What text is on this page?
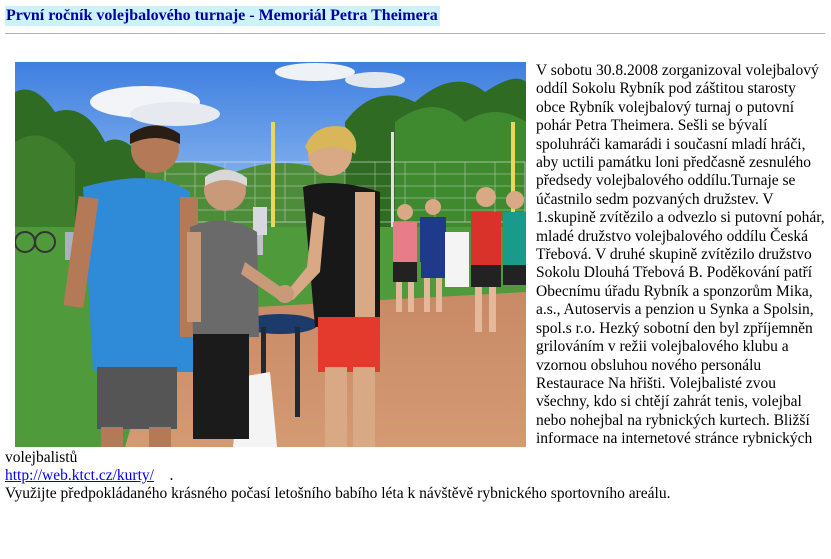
První ročník volejbalového turnaje - Memoriál Petra Theimera

V sobotu 30.8.2008 zorganizoval volejbalový oddíl Sokolu Rybník pod záštitou starosty obce Rybník volejbalový turnaj o putovní pohár Petra Theimera. Sešli se bývalí spoluhráči kamarádi i současní mladí hráči, aby uctili památku loni předčasně zesnulého předsedy volejbalového oddílu.Turnaje se účastnilo sedm pozvaných družstev. V 1.skupině zvítězilo a odvezlo si putovní pohár, mladé družstvo volejbalového oddílu Česká Třebová. V druhé skupině zvítězilo družstvo Sokolu Dlouhá Třebová B. Poděkování patří Obecnímu úřadu Rybník a sponzorům Mika, a.s., Autoservis a penzion u Synka a Spolsin, spol.s r.o. Hezký sobotní den byl zpříjemněn grilováním v režii volejbalového klubu a vzornou obsluhou nového personálu Restaurace Na hřišti. Volejbalisté zvou všechny, kdo si chtějí zahrát tenis, volejbal nebo nohejbal na rybnických kurtech. Bližší informace na internetové stránce rybnických volejbalistů
http://web.ktct.cz/kurty/    .
Využijte předpokládaného krásného počasí letošního babího léta k návštěvě rybnického sportovního areálu.
